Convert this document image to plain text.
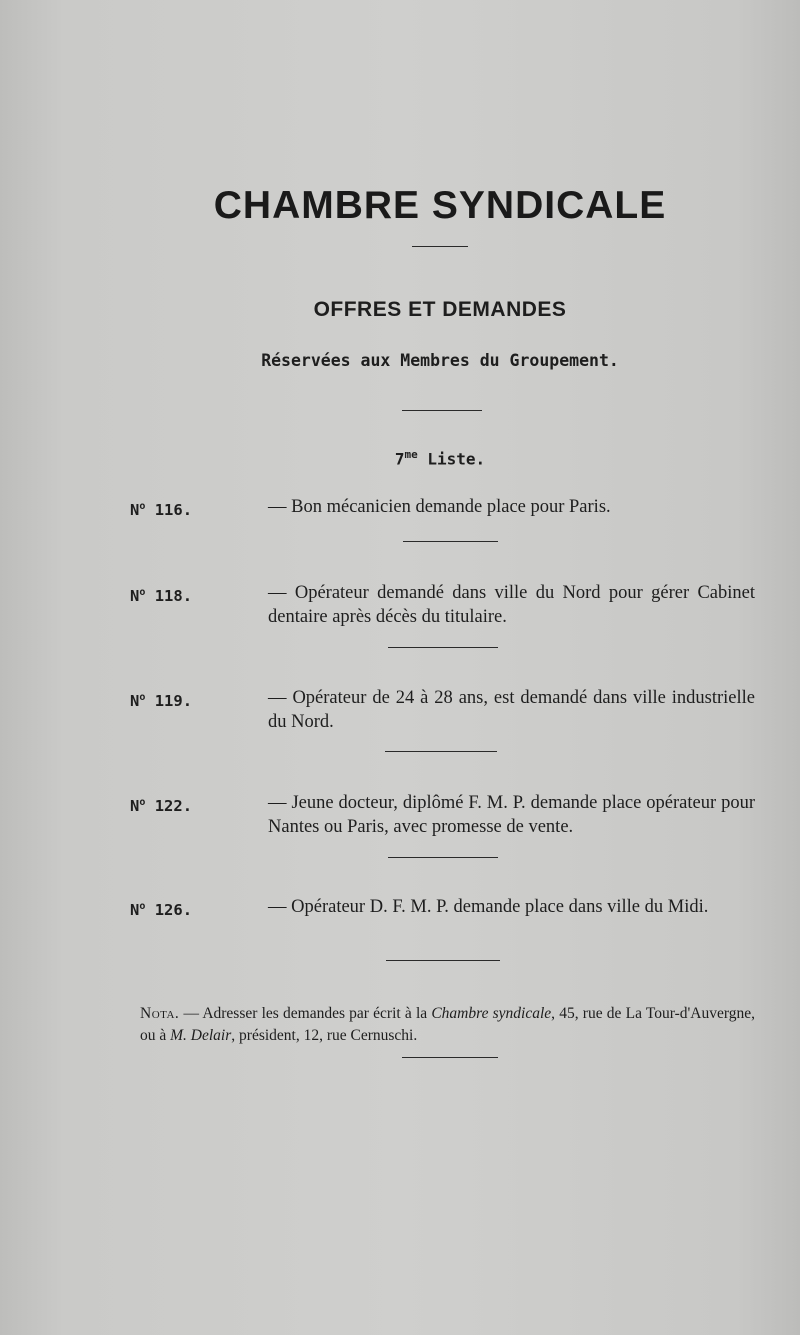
CHAMBRE SYNDICALE
OFFRES ET DEMANDES
Réservées aux Membres du Groupement.
$7^{me}$ Liste.
$N^o$ 116.	— Bon mécanicien demande place pour Paris.
$N^o$ 118.	— Opérateur demandé dans ville du Nord pour gérer Cabinet dentaire après décès du titulaire.
$N^o$ 119.	— Opérateur de 24 à 28 ans, est demandé dans ville industrielle du Nord.
$N^o$ 122.	— Jeune docteur, diplômé F. M. P. demande place opérateur pour Nantes ou Paris, avec promesse de vente.
$N^o$ 126.	— Opérateur D. F. M. P. demande place dans ville du Midi.
Nota. — Adresser les demandes par écrit à la Chambre syndicale, 45, rue de La Tour-d'Auvergne, ou à M. Delair, président, 12, rue Cernuschi.
